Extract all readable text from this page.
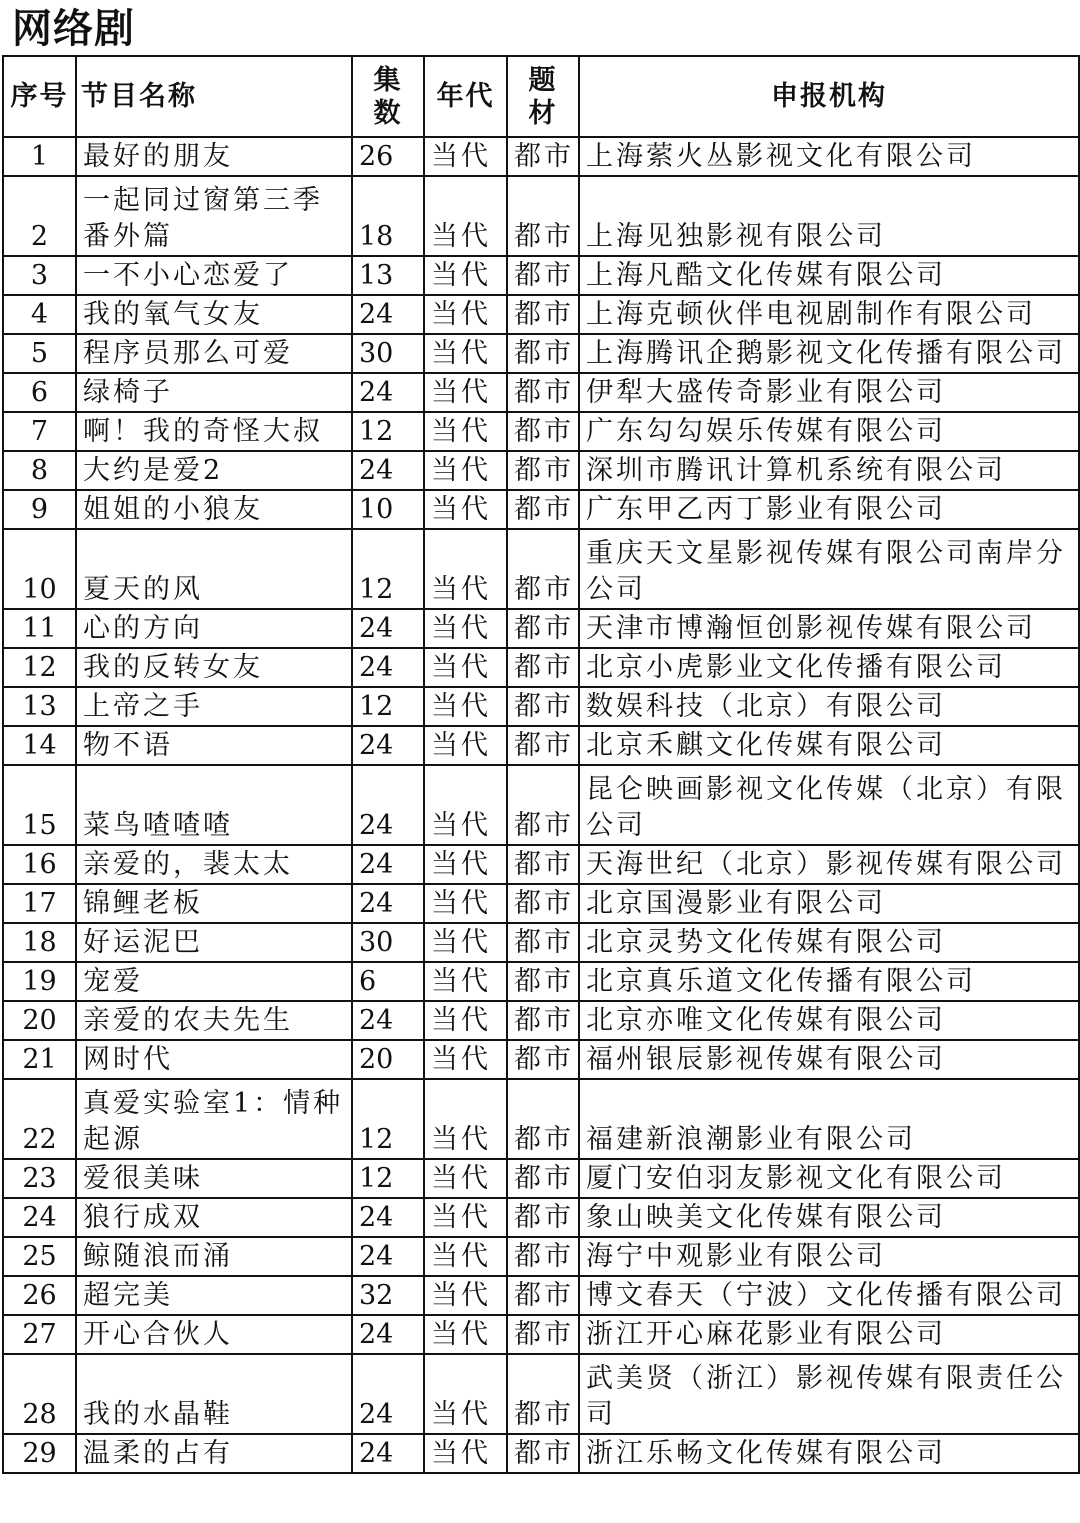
网络剧
序号	节目名称	集数	年代	题材	申报机构
1	最好的朋友	26	当代	都市	上海萦火丛影视文化有限公司
2	一起同过窗第三季番外篇	18	当代	都市	上海见独影视有限公司
3	一不小心恋爱了	13	当代	都市	上海凡酷文化传媒有限公司
4	我的氧气女友	24	当代	都市	上海克顿伙伴电视剧制作有限公司
5	程序员那么可爱	30	当代	都市	上海腾讯企鹅影视文化传播有限公司
6	绿椅子	24	当代	都市	伊犁大盛传奇影业有限公司
7	啊！我的奇怪大叔	12	当代	都市	广东勾勾娱乐传媒有限公司
8	大约是爱2	24	当代	都市	深圳市腾讯计算机系统有限公司
9	姐姐的小狼友	10	当代	都市	广东甲乙丙丁影业有限公司
10	夏天的风	12	当代	都市	重庆天文星影视传媒有限公司南岸分公司
11	心的方向	24	当代	都市	天津市博瀚恒创影视传媒有限公司
12	我的反转女友	24	当代	都市	北京小虎影业文化传播有限公司
13	上帝之手	12	当代	都市	数娱科技（北京）有限公司
14	物不语	24	当代	都市	北京禾麒文化传媒有限公司
15	菜鸟喳喳喳	24	当代	都市	昆仑映画影视文化传媒（北京）有限公司
16	亲爱的，裴太太	24	当代	都市	天海世纪（北京）影视传媒有限公司
17	锦鲤老板	24	当代	都市	北京国漫影业有限公司
18	好运泥巴	30	当代	都市	北京灵势文化传媒有限公司
19	宠爱	6	当代	都市	北京真乐道文化传播有限公司
20	亲爱的农夫先生	24	当代	都市	北京亦唯文化传媒有限公司
21	网时代	20	当代	都市	福州银辰影视传媒有限公司
22	真爱实验室1：情种起源	12	当代	都市	福建新浪潮影业有限公司
23	爱很美味	12	当代	都市	厦门安伯羽友影视文化有限公司
24	狼行成双	24	当代	都市	象山映美文化传媒有限公司
25	鲸随浪而涌	24	当代	都市	海宁中观影业有限公司
26	超完美	32	当代	都市	博文春天（宁波）文化传播有限公司
27	开心合伙人	24	当代	都市	浙江开心麻花影业有限公司
28	我的水晶鞋	24	当代	都市	武美贤（浙江）影视传媒有限责任公司
29	温柔的占有	24	当代	都市	浙江乐畅文化传媒有限公司
